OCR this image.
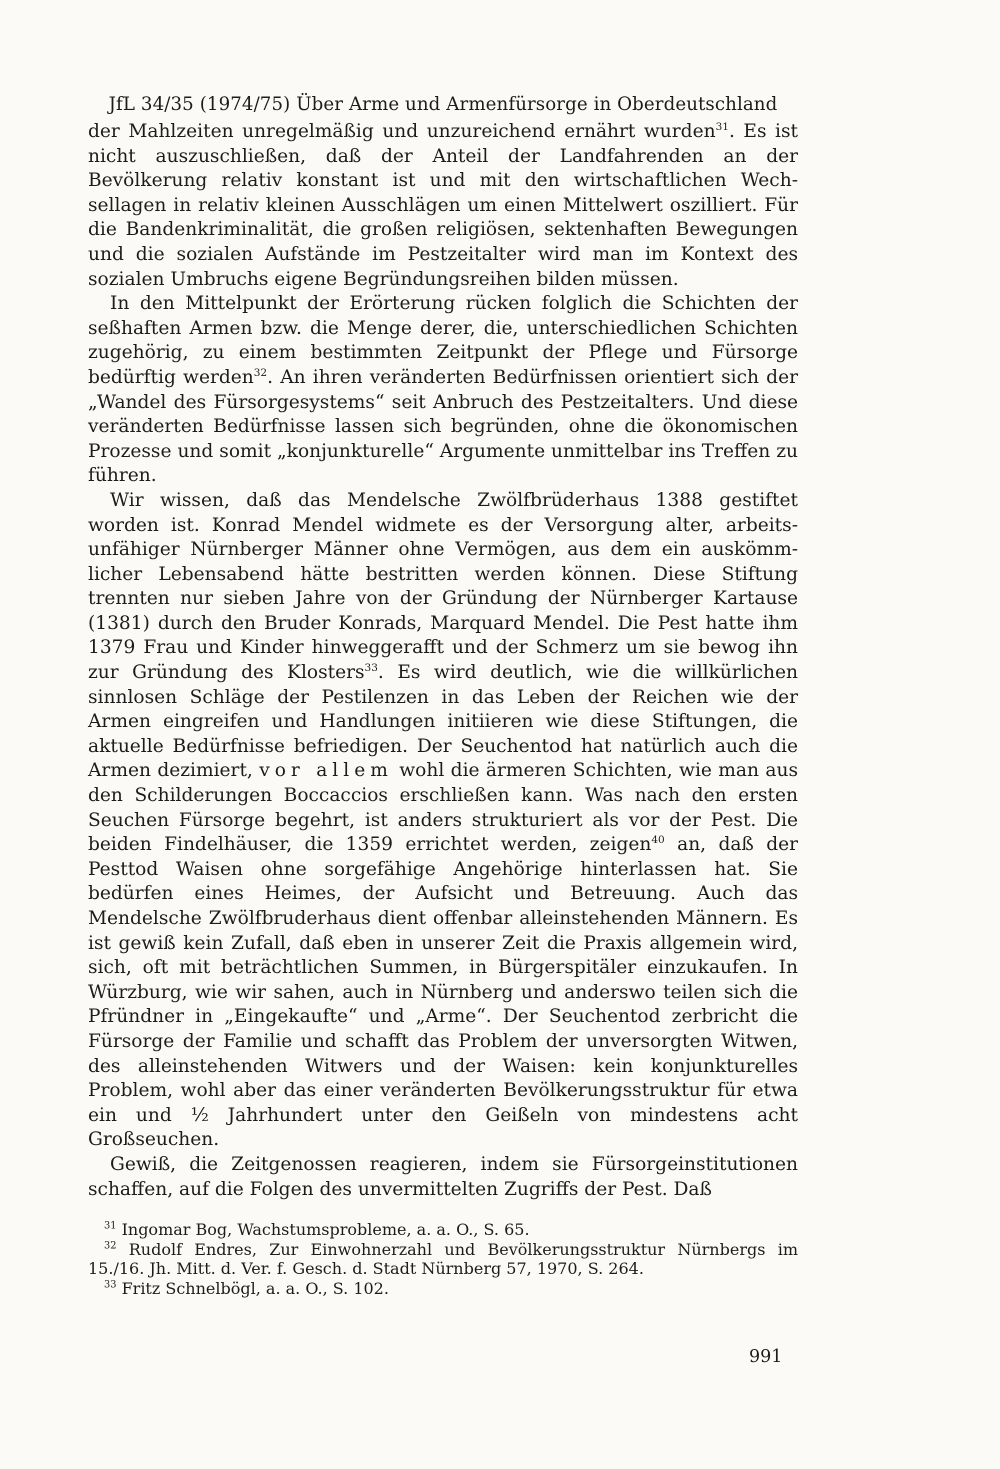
JfL 34/35 (1974/75) Über Arme und Armenfürsorge in Oberdeutschland

der Mahlzeiten unregelmäßig und unzureichend ernährt wurden$^{31}$. Es ist nicht auszuschließen, daß der Anteil der Landfahrenden an der Bevölkerung relativ konstant ist und mit den wirtschaftlichen Wechsellagen in relativ kleinen Ausschlägen um einen Mittelwert oszilliert. Für die Bandenkriminalität, die großen religiösen, sektenhaften Bewegungen und die sozialen Aufstände im Pestzeitalter wird man im Kontext des sozialen Umbruchs eigene Begründungsreihen bilden müssen.

In den Mittelpunkt der Erörterung rücken folglich die Schichten der seßhaften Armen bzw. die Menge derer, die, unterschiedlichen Schichten zugehörig, zu einem bestimmten Zeitpunkt der Pflege und Fürsorge bedürftig werden$^{32}$. An ihren veränderten Bedürfnissen orientiert sich der „Wandel des Fürsorgesystems“ seit Anbruch des Pestzeitalters. Und diese veränderten Bedürfnisse lassen sich begründen, ohne die ökonomischen Prozesse und somit „konjunkturelle“ Argumente unmittelbar ins Treffen zu führen.

Wir wissen, daß das Mendelsche Zwölfbrüderhaus 1388 gestiftet worden ist. Konrad Mendel widmete es der Versorgung alter, arbeitsunfähiger Nürnberger Männer ohne Vermögen, aus dem ein auskömmlicher Lebensabend hätte bestritten werden können. Diese Stiftung trennten nur sieben Jahre von der Gründung der Nürnberger Kartause (1381) durch den Bruder Konrads, Marquard Mendel. Die Pest hatte ihm 1379 Frau und Kinder hinweggerafft und der Schmerz um sie bewog ihn zur Gründung des Klosters$^{33}$. Es wird deutlich, wie die willkürlichen sinnlosen Schläge der Pestilenzen in das Leben der Reichen wie der Armen eingreifen und Handlungen initiieren wie diese Stiftungen, die aktuelle Bedürfnisse befriedigen. Der Seuchentod hat natürlich auch die Armen dezimiert, vor allem wohl die ärmeren Schichten, wie man aus den Schilderungen Boccaccios erschließen kann. Was nach den ersten Seuchen Fürsorge begehrt, ist anders strukturiert als vor der Pest. Die beiden Findelhäuser, die 1359 errichtet werden, zeigen$^{40}$ an, daß der Pesttod Waisen ohne sorgefähige Angehörige hinterlassen hat. Sie bedürfen eines Heimes, der Aufsicht und Betreuung. Auch das Mendelsche Zwölfbruderhaus dient offenbar alleinstehenden Männern. Es ist gewiß kein Zufall, daß eben in unserer Zeit die Praxis allgemein wird, sich, oft mit beträchtlichen Summen, in Bürgerspitäler einzukaufen. In Würzburg, wie wir sahen, auch in Nürnberg und anderswo teilen sich die Pfründner in „Eingekaufte“ und „Arme“. Der Seuchentod zerbricht die Fürsorge der Familie und schafft das Problem der unversorgten Witwen, des alleinstehenden Witwers und der Waisen: kein konjunkturelles Problem, wohl aber das einer veränderten Bevölkerungsstruktur für etwa ein und ½ Jahrhundert unter den Geißeln von mindestens acht Großseuchen.

Gewiß, die Zeitgenossen reagieren, indem sie Fürsorgeinstitutionen schaffen, auf die Folgen des unvermittelten Zugriffs der Pest. Daß

$^{31}$ Ingomar Bog, Wachstumsprobleme, a. a. O., S. 65.

$^{32}$ Rudolf Endres, Zur Einwohnerzahl und Bevölkerungsstruktur Nürnbergs im 15./16. Jh. Mitt. d. Ver. f. Gesch. d. Stadt Nürnberg 57, 1970, S. 264.

$^{33}$ Fritz Schnelbögl, a. a. O., S. 102.

991
